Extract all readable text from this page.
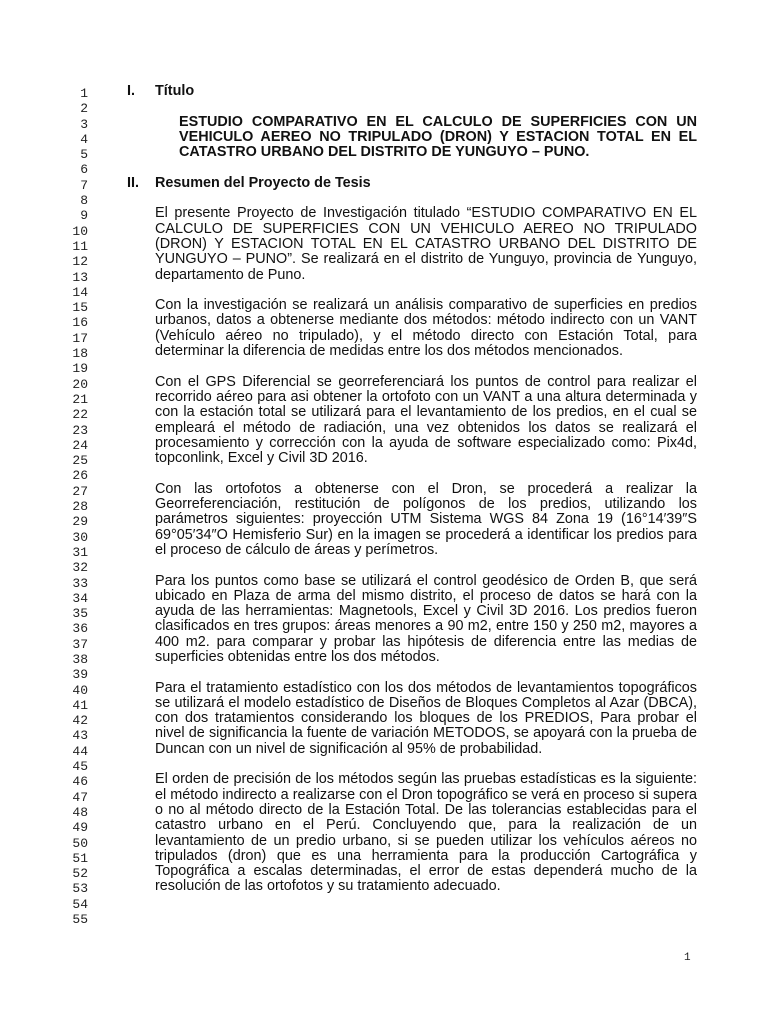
1
2
3
4
5
6
7
8
9
10
11
12
13
14
15
16
17
18
19
20
21
22
23
24
25
26
27
28
29
30
31
32
33
34
35
36
37
38
39
40
41
42
43
44
45
46
47
48
49
50
51
52
53
54
55
I.	Título
ESTUDIO COMPARATIVO EN EL CALCULO DE SUPERFICIES CON UN VEHICULO AEREO NO TRIPULADO (DRON) Y ESTACION TOTAL EN EL CATASTRO URBANO DEL DISTRITO DE YUNGUYO – PUNO.
II.	Resumen del Proyecto de Tesis

El presente Proyecto de Investigación titulado “ESTUDIO COMPARATIVO EN EL CALCULO DE SUPERFICIES CON UN VEHICULO AEREO NO TRIPULADO (DRON) Y ESTACION TOTAL EN EL CATASTRO URBANO DEL DISTRITO DE YUNGUYO – PUNO”. Se realizará en el distrito de Yunguyo, provincia de Yunguyo, departamento de Puno.

Con la investigación se realizará un análisis comparativo de superficies en predios urbanos, datos a obtenerse mediante dos métodos: método indirecto con un VANT (Vehículo aéreo no tripulado), y el método directo con Estación Total, para determinar la diferencia de medidas entre los dos métodos mencionados.

Con el GPS Diferencial se georreferenciará los puntos de control para realizar el recorrido aéreo para asi obtener la ortofoto con un VANT a una altura determinada y con la estación total se utilizará para el levantamiento de los predios, en el cual se empleará el método de radiación, una vez obtenidos los datos se realizará el procesamiento y corrección con la ayuda de software especializado como: Pix4d, topconlink, Excel y Civil 3D 2016.

Con las ortofotos a obtenerse con el Dron, se procederá a realizar la Georreferenciación, restitución de polígonos de los predios, utilizando los parámetros siguientes: proyección UTM Sistema WGS 84 Zona 19 (16°14′39″S 69°05′34″O Hemisferio Sur) en la imagen se procederá a identificar los predios para el proceso de cálculo de áreas y perímetros.

Para los puntos como base se utilizará el control geodésico de Orden B, que será ubicado en Plaza de arma del mismo distrito, el proceso de datos se hará con la ayuda de las herramientas: Magnetools, Excel y Civil 3D 2016. Los predios fueron clasificados en tres grupos: áreas menores a 90 m2, entre 150 y 250 m2, mayores a 400 m2. para comparar y probar las hipótesis de diferencia entre las medias de superficies obtenidas entre los dos métodos.

Para el tratamiento estadístico con los dos métodos de levantamientos topográficos se utilizará el modelo estadístico de Diseños de Bloques Completos al Azar (DBCA), con dos tratamientos considerando los bloques de los PREDIOS, Para probar el nivel de significancia la fuente de variación METODOS, se apoyará con la prueba de Duncan con un nivel de significación al 95% de probabilidad.

El orden de precisión de los métodos según las pruebas estadísticas es la siguiente: el método indirecto a realizarse con el Dron topográfico se verá en proceso si supera o no al método directo de la Estación Total. De las tolerancias establecidas para el catastro urbano en el Perú. Concluyendo que, para la realización de un levantamiento de un predio urbano, si se pueden utilizar los vehículos aéreos no tripulados (dron) que es una herramienta para la producción Cartográfica y Topográfica a escalas determinadas, el error de estas dependerá mucho de la resolución de las ortofotos y su tratamiento adecuado.

1
